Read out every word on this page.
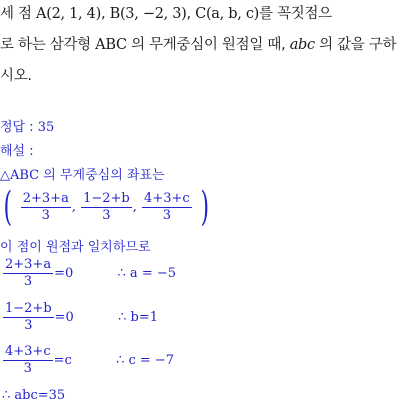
세 점 A(2, 1, 4), B(3, −2, 3), C(a, b, c)를 꼭짓점으
로 하는 삼각형 ABC 의 무게중심이 원점일 때, abc 의 값을 구하
시오.
정답 : 35
해설 :
△ABC 의 무게중심의 좌표는
( $\frac{2+3+a}{3}$ , $\frac{1-2+b}{3}$ , $\frac{4+3+c}{3}$ )
이 점이 원점과 일치하므로
$\frac{2+3+a}{3} =0$	∴ a = −5
$\frac{1-2+b}{3} =0$	∴ b=1
$\frac{4+3+c}{3} =c$	∴ c = −7
∴ abc=35
